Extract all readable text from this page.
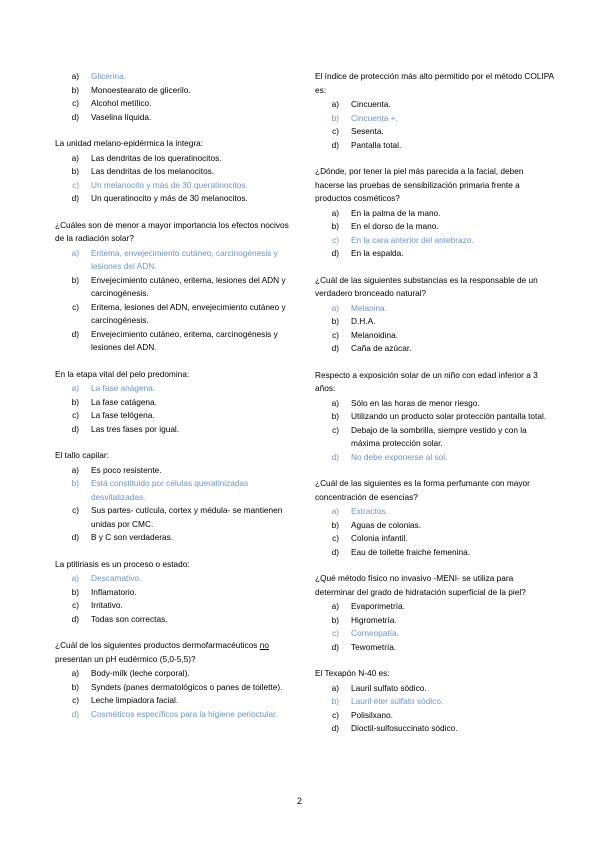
a)	Glicerina.
b)	Monoestearato de glicerilo.
c)	Alcohol metílico.
d)	Vaselina líquida.
La unidad melano-epidérmica la integra:
a)	Las dendritas de los queratinocitos.
b)	Las dendritas de los melanocitos.
c)	Un melanocito y más de 30 queratinocitos.
d)	Un queratinocito y más de 30 melanocitos.
¿Cuáles son de menor a mayor importancia los efectos nocivos de la radiación solar?
a)	Eritema, envejecimiento cutáneo, carcinogénesis y lesiones del ADN.
b)	Envejecimiento cutáneo, eritema, lesiones del ADN y carcinogénesis.
c)	Eritema, lesiones del ADN, envejecimiento cutáneo y carcinogénesis.
d)	Envejecimiento cutáneo, eritema, carcinogénesis y lesiones del ADN.
En la etapa vital del pelo predomina:
a)	La fase anágena.
b)	La fase catágena.
c)	La fase telógena.
d)	Las tres fases por igual.
El tallo capilar:
a)	Es poco resistente.
b)	Está constituido por células queratinizadas desvitalizadas.
c)	Sus partes- cutícula, cortex y médula- se mantienen unidas por CMC.
d)	B y C son verdaderas.
La ptitiriasis es un proceso o estado:
a)	Descamativo.
b)	Inflamatorio.
c)	Irritativo.
d)	Todas son correctas.
¿Cuál de los siguientes productos dermofarmacéuticos no presentan un pH eudérmico (5,0-5,5)?
a)	Body-milk (leche corporal).
b)	Syndets (panes dermatológicos o panes de toilette).
c)	Leche limpiadora facial.
d)	Cosméticos específicos para la higiene perioctular.
El índice de protección más alto permitido por el método COLIPA es:
a)	Cincuenta.
b)	Cincuenta +.
c)	Sesenta.
d)	Pantalla total.
¿Dónde, por tener la piel más parecida a la facial, deben hacerse las pruebas de sensibilización primaria frente a productos cosméticos?
a)	En la palma de la mano.
b)	En el dorso de la mano.
c)	En la cara anterior del antebrazo.
d)	En la espalda.
¿Cuál de las siguientes substancias es la responsable de un verdadero bronceado natural?
a)	Melanina.
b)	D.H.A.
c)	Melanoidina.
d)	Caña de azúcar.
Respecto a exposición solar de un niño con edad inferior a 3 años:
a)	Sólo en las horas de menor riesgo.
b)	Utilizando un producto solar protección pantalla total.
c)	Debajo de la sombrilla, siempre vestido y con la máxima protección solar.
d)	No debe exponerse al sol.
¿Cuál de las siguientes es la forma perfumante con mayor concentración de esencias?
a)	Extractos.
b)	Aguas de colonias.
c)	Colonia infantil.
d)	Eau de toilette fraiche femenina.
¿Qué método físico no invasivo -MENI- se utiliza para determinar del grado de hidratación superficial de la piel?
a)	Evaporimetría.
b)	Higrometría.
c)	Corneopatía.
d)	Tewometría.
El Texapón N-40 es:
a)	Lauril sulfato sódico.
b)	Lauril éter sulfato sódico.
c)	Polisilxano.
d)	Dioctil-sulfosuccinato sódico.
2
